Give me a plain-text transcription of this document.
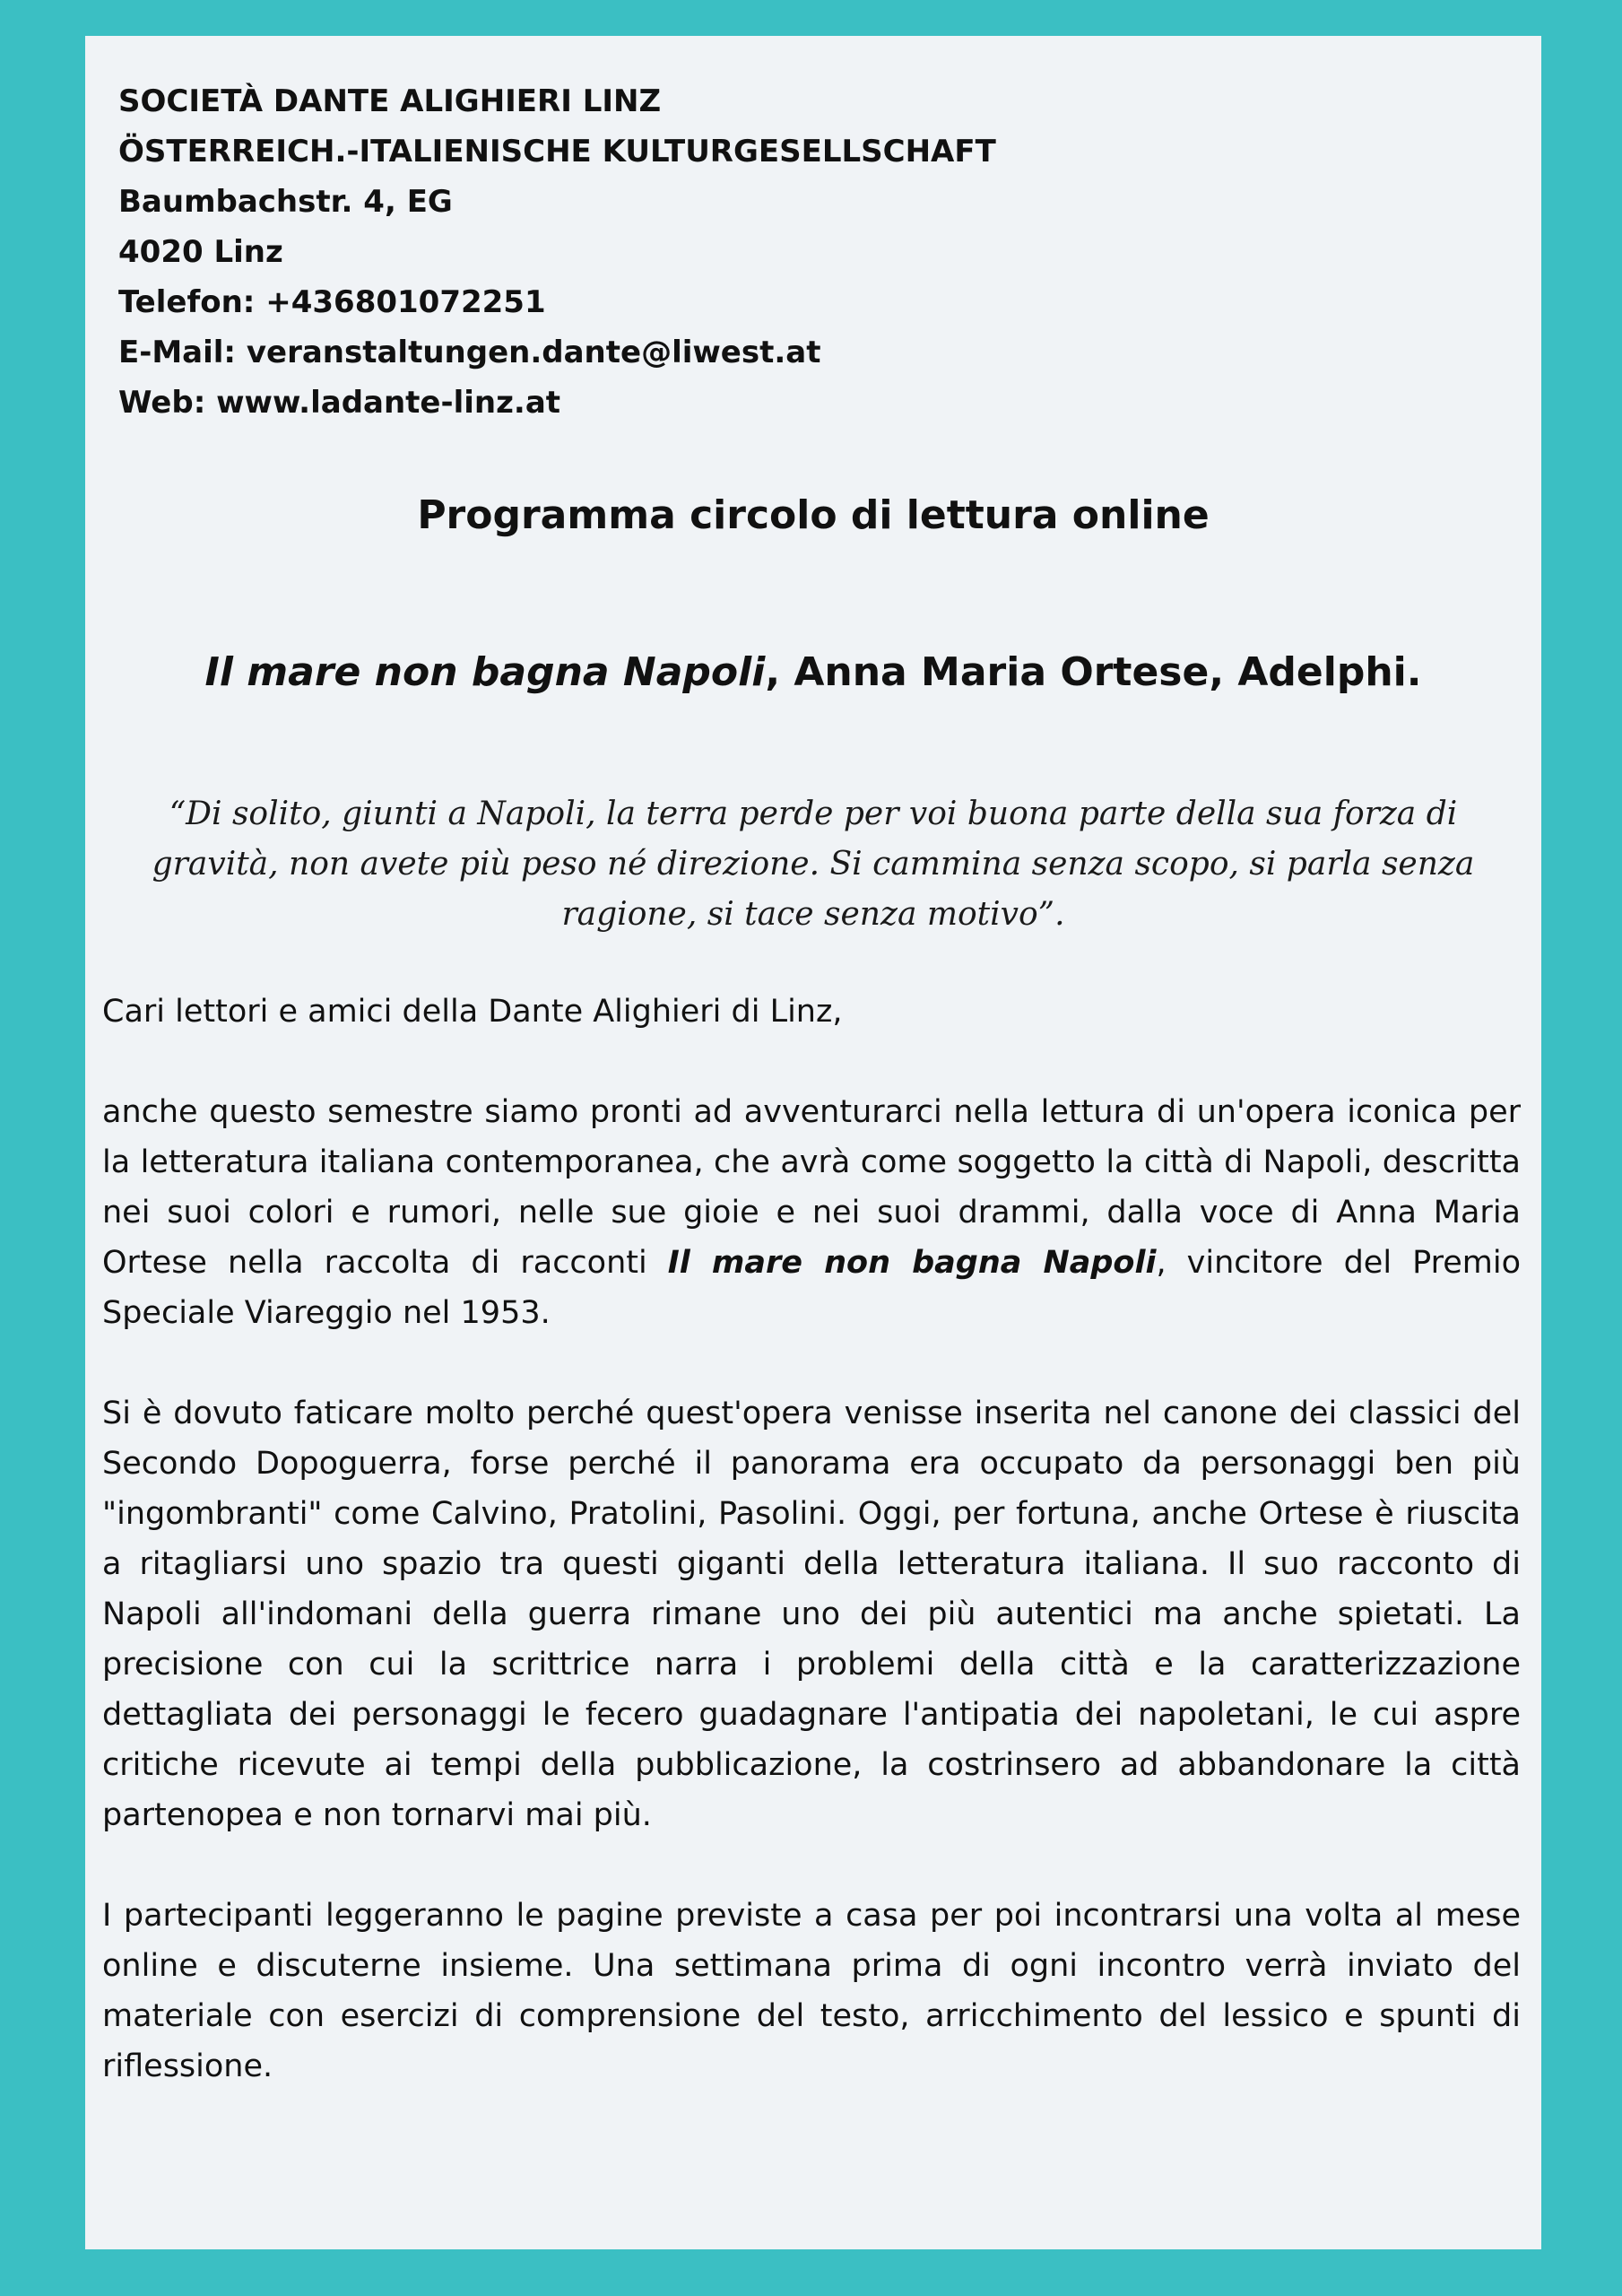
SOCIETÀ DANTE ALIGHIERI LINZ
ÖSTERREICH.-ITALIENISCHE KULTURGESELLSCHAFT
Baumbachstr. 4, EG
4020 Linz
Telefon: +436801072251
E-Mail: veranstaltungen.dante@liwest.at
Web: www.ladante-linz.at
Programma circolo di lettura online
Il mare non bagna Napoli, Anna Maria Ortese, Adelphi.
“Di solito, giunti a Napoli, la terra perde per voi buona parte della sua forza di gravità, non avete più peso né direzione. Si cammina senza scopo, si parla senza ragione, si tace senza motivo”.

Cari lettori e amici della Dante Alighieri di Linz,

anche questo semestre siamo pronti ad avventurarci nella lettura di un'opera iconica per la letteratura italiana contemporanea, che avrà come soggetto la città di Napoli, descritta nei suoi colori e rumori, nelle sue gioie e nei suoi drammi, dalla voce di Anna Maria Ortese nella raccolta di racconti Il mare non bagna Napoli, vincitore del Premio Speciale Viareggio nel 1953.

Si è dovuto faticare molto perché quest'opera venisse inserita nel canone dei classici del Secondo Dopoguerra, forse perché il panorama era occupato da personaggi ben più "ingombranti" come Calvino, Pratolini, Pasolini. Oggi, per fortuna, anche Ortese è riuscita a ritagliarsi uno spazio tra questi giganti della letteratura italiana. Il suo racconto di Napoli all'indomani della guerra rimane uno dei più autentici ma anche spietati. La precisione con cui la scrittrice narra i problemi della città e la caratterizzazione dettagliata dei personaggi le fecero guadagnare l'antipatia dei napoletani, le cui aspre critiche ricevute ai tempi della pubblicazione, la costrinsero ad abbandonare la città partenopea e non tornarvi mai più.

I partecipanti leggeranno le pagine previste a casa per poi incontrarsi una volta al mese online e discuterne insieme. Una settimana prima di ogni incontro verrà inviato del materiale con esercizi di comprensione del testo, arricchimento del lessico e spunti di riflessione.
